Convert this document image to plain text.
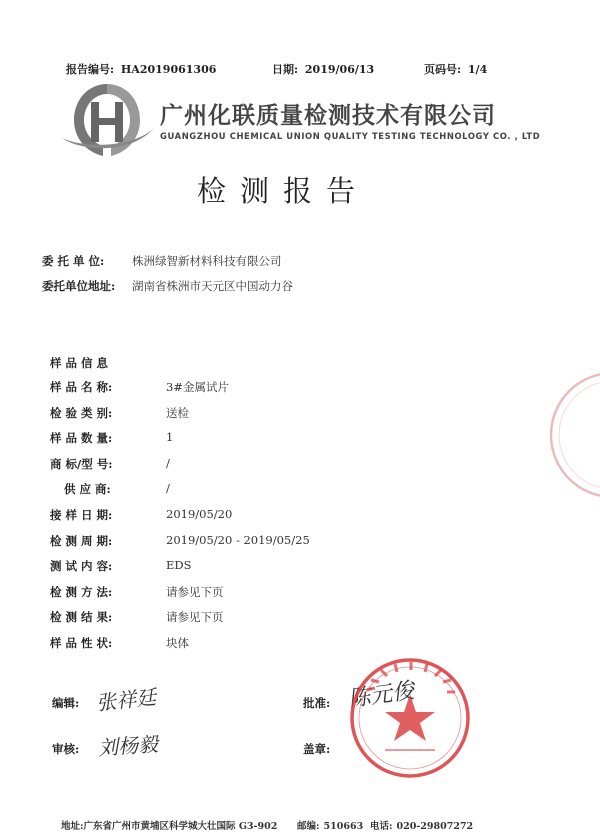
报告编号: HA2019061306	日期: 2019/06/13	页码号: 1/4
广州化联质量检测技术有限公司
GUANGZHOU CHEMICAL UNION QUALITY TESTING TECHNOLOGY CO. , LTD
检测报告
委 托 单 位: 株洲绿智新材料科技有限公司
委托单位地址: 湖南省株洲市天元区中国动力谷
样 品 信 息
样 品 名 称:	3#金属试片
检 验 类 别:	送检
样 品 数 量:	1
商 标/型 号:	/
供 应 商:	/
接 样 日 期:	2019/05/20
检 测 周 期:	2019/05/20 - 2019/05/25
测 试 内 容:	EDS
检 测 方 法:	请参见下页
检 测 结 果:	请参见下页
样 品 性 状:	块体
编辑: 张祥廷
审核: 刘杨毅
批准: 陈元俊
盖章:
地址:广东省广州市黄埔区科学城大壮国际 G3-902 邮编: 510663 电话: 020-29807272
